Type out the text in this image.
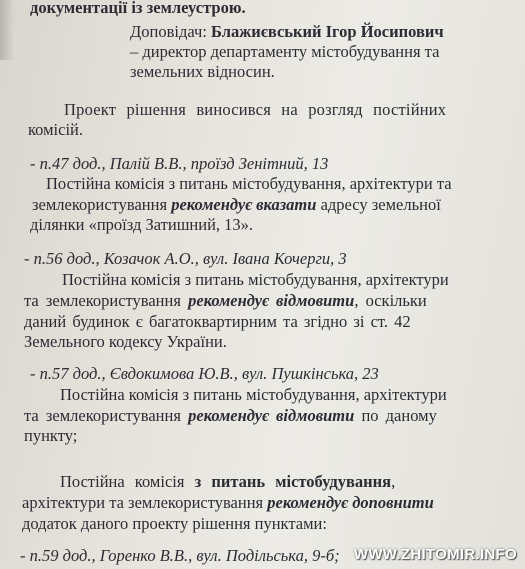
документації із землеустрою.
Доповідач: Блажиєвський Ігор Йосипович
– директор департаменту містобудування та
земельних відносин.
Проект рішення виносився на розгляд постійних
комісій.
- п.47 дод., Палій В.В., проїзд Зенітний, 13
Постійна комісія з питань містобудування, архітектури та
землекористування рекомендує вказати адресу земельної
ділянки «проїзд Затишний, 13».
- п.56 дод., Козачок А.О., вул. Івана Кочерги, 3
Постійна комісія з питань містобудування, архітектури
та землекористування рекомендує відмовити, оскільки
даний будинок є багатоквартирним та згідно зі ст. 42
Земельного кодексу України.
- п.57 дод., Євдокимова Ю.В., вул. Пушкінська, 23
Постійна комісія з питань містобудування, архітектури
та землекористування рекомендує відмовити по даному
пункту;
Постійна комісія з питань містобудування,
архітектури та землекористування рекомендує доповнити
додаток даного проекту рішення пунктами:
- п.59 дод., Горенко В.В., вул. Подільська, 9-б; WWW.ZHITOMIR.INFO
